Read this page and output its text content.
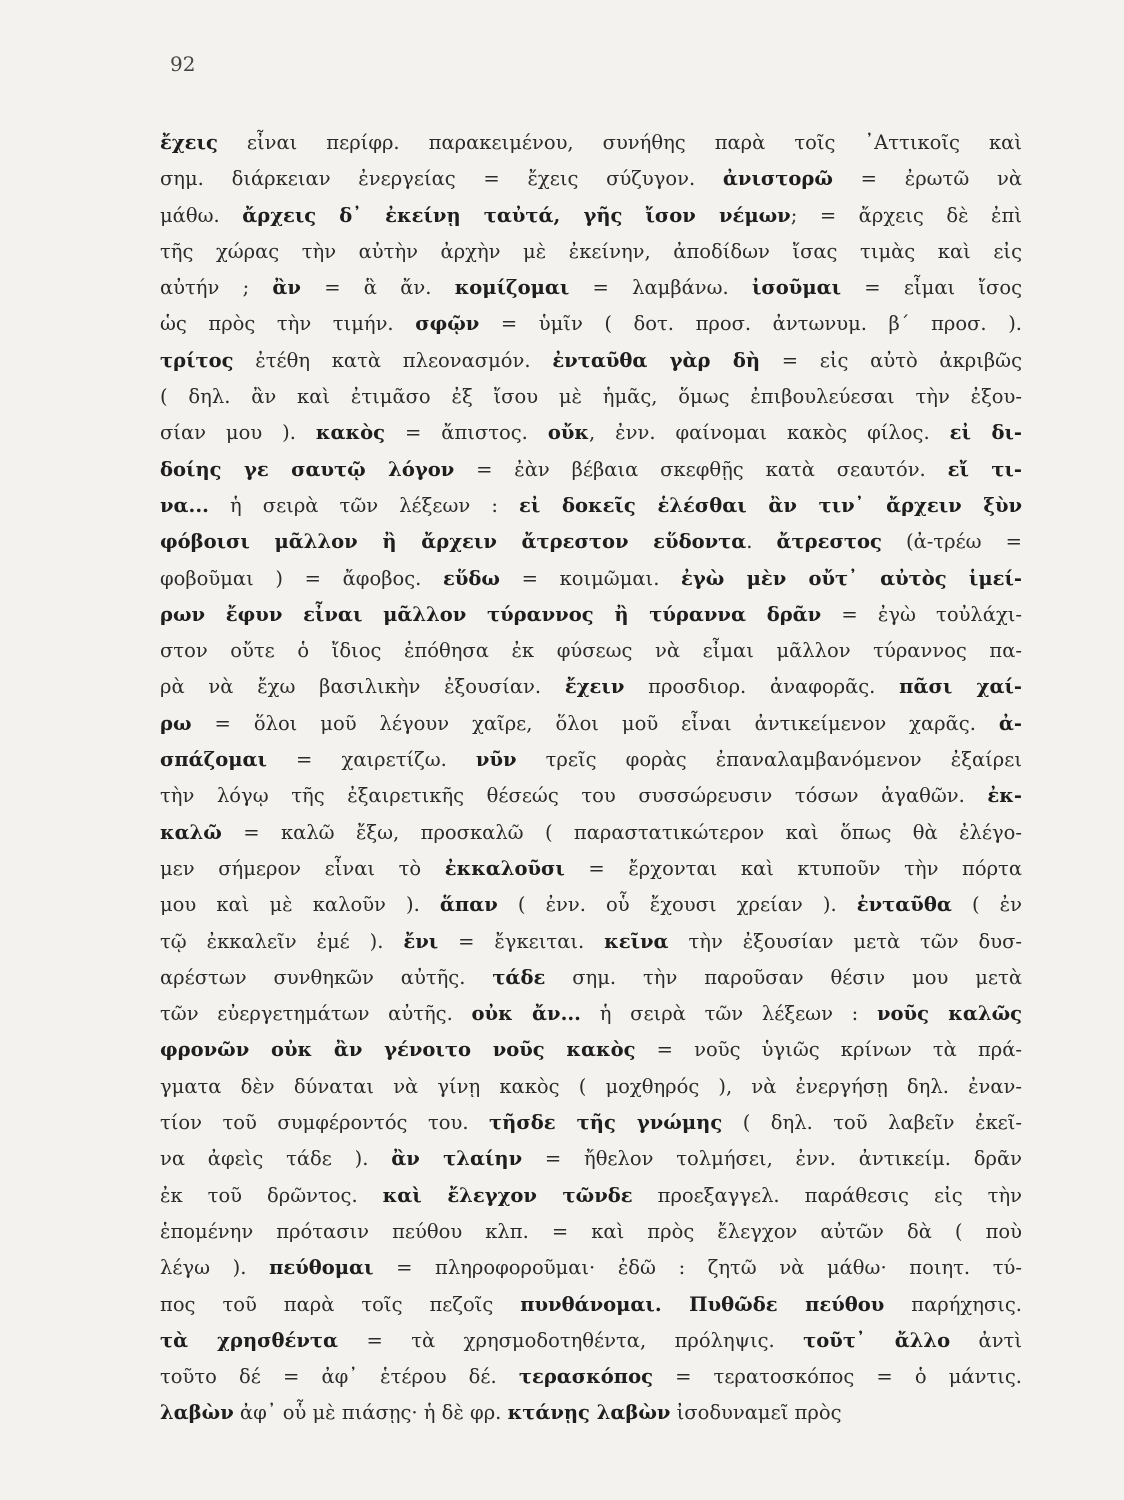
92
ἔχεις εἶναι περίφρ. παρακειμένου, συνήθης παρὰ τοῖς ᾿Αττικοῖς καὶ
σημ. διάρκειαν ἐνεργείας = ἔχεις σύζυγον. ἀνιστορῶ = ἐρωτῶ νὰ
μάθω. ἄρχεις δ᾿ ἐκείνῃ ταὐτά, γῆς ἴσον νέμων; = ἄρχεις δὲ ἐπὶ
τῆς χώρας τὴν αὐτὴν ἀρχὴν μὲ ἐκείνην, ἀποδίδων ἴσας τιμὰς καὶ εἰς
αὐτήν ; ἂν = ἃ ἄν. κομίζομαι = λαμβάνω. ἰσοῦμαι = εἶμαι ἴσος
ὡς πρὸς τὴν τιμήν. σφῷν = ὑμῖν ( δοτ. προσ. ἀντωνυμ. β΄ προσ. ).
τρίτος ἐτέθη κατὰ πλεονασμόν. ἐνταῦθα γὰρ δὴ = εἰς αὐτὸ ἀκριβῶς
( δηλ. ἂν καὶ ἐτιμᾶσο ἐξ ἴσου μὲ ἡμᾶς, ὅμως ἐπιβουλεύεσαι τὴν ἐξου-
σίαν μου ). κακὸς = ἄπιστος. οὔκ, ἐνν. φαίνομαι κακὸς φίλος. εἰ δι-
δοίης γε σαυτῷ λόγον = ἐὰν βέβαια σκεφθῇς κατὰ σεαυτόν. εἴ τι-
να... ἡ σειρὰ τῶν λέξεων : εἰ δοκεῖς ἑλέσθαι ἂν τιν᾿ ἄρχειν ξὺν
φόβοισι μᾶλλον ἢ ἄρχειν ἄτρεστον εὕδοντα. ἄτρεστος (ἀ-τρέω =
φοβοῦμαι ) = ἄφοβος. εὕδω = κοιμῶμαι. ἐγὼ μὲν οὔτ᾿ αὐτὸς ἱμεί-
ρων ἔφυν εἶναι μᾶλλον τύραννος ἢ τύραννα δρᾶν = ἐγὼ τοὐλάχι-
στον οὔτε ὁ ἴδιος ἐπόθησα ἐκ φύσεως νὰ εἶμαι μᾶλλον τύραννος πα-
ρὰ νὰ ἔχω βασιλικὴν ἐξουσίαν. ἔχειν προσδιορ. ἀναφορᾶς. πᾶσι χαί-
ρω = ὅλοι μοῦ λέγουν χαῖρε, ὅλοι μοῦ εἶναι ἀντικείμενον χαρᾶς. ἀ-
σπάζομαι = χαιρετίζω. νῦν τρεῖς φορὰς ἐπαναλαμβανόμενον ἐξαίρει
τὴν λόγῳ τῆς ἐξαιρετικῆς θέσεώς του συσσώρευσιν τόσων ἀγαθῶν. ἐκ-
καλῶ = καλῶ ἔξω, προσκαλῶ ( παραστατικώτερον καὶ ὅπως θὰ ἐλέγο-
μεν σήμερον εἶναι τὸ ἐκκαλοῦσι = ἔρχονται καὶ κτυποῦν τὴν πόρτα
μου καὶ μὲ καλοῦν ). ἅπαν ( ἐνν. οὗ ἔχουσι χρείαν ). ἐνταῦθα ( ἐν
τῷ ἐκκαλεῖν ἐμέ ). ἔνι = ἔγκειται. κεῖνα τὴν ἐξουσίαν μετὰ τῶν δυσ-
αρέστων συνθηκῶν αὐτῆς. τάδε σημ. τὴν παροῦσαν θέσιν μου μετὰ
τῶν εὐεργετημάτων αὐτῆς. οὐκ ἄν... ἡ σειρὰ τῶν λέξεων : νοῦς καλῶς
φρονῶν οὐκ ἂν γένοιτο νοῦς κακὸς = νοῦς ὑγιῶς κρίνων τὰ πρά-
γματα δὲν δύναται νὰ γίνῃ κακὸς ( μοχθηρός ), νὰ ἐνεργήσῃ δηλ. ἐναν-
τίον τοῦ συμφέροντός του. τῆσδε τῆς γνώμης ( δηλ. τοῦ λαβεῖν ἐκεῖ-
να ἀφεὶς τάδε ). ἂν τλαίην = ἤθελον τολμήσει, ἐνν. ἀντικείμ. δρᾶν
ἐκ τοῦ δρῶντος. καὶ ἔλεγχον τῶνδε προεξαγγελ. παράθεσις εἰς τὴν
ἑπομένην πρότασιν πεύθου κλπ. = καὶ πρὸς ἔλεγχον αὐτῶν δὰ ( ποὺ
λέγω ). πεύθομαι = πληροφοροῦμαι· ἐδῶ : ζητῶ νὰ μάθω· ποιητ. τύ-
πος τοῦ παρὰ τοῖς πεζοῖς πυνθάνομαι. Πυθῶδε πεύθου παρήχησις.
τὰ χρησθέντα = τὰ χρησμοδοτηθέντα, πρόληψις. τοῦτ᾿ ἄλλο ἀντὶ
τοῦτο δέ = ἀφ᾿ ἑτέρου δέ. τερασκόπος = τερατοσκόπος = ὁ μάντις.
λαβὼν ἀφ᾿ οὗ μὲ πιάσῃς· ἡ δὲ φρ. κτάνῃς λαβὼν ἰσοδυναμεῖ πρὸς
